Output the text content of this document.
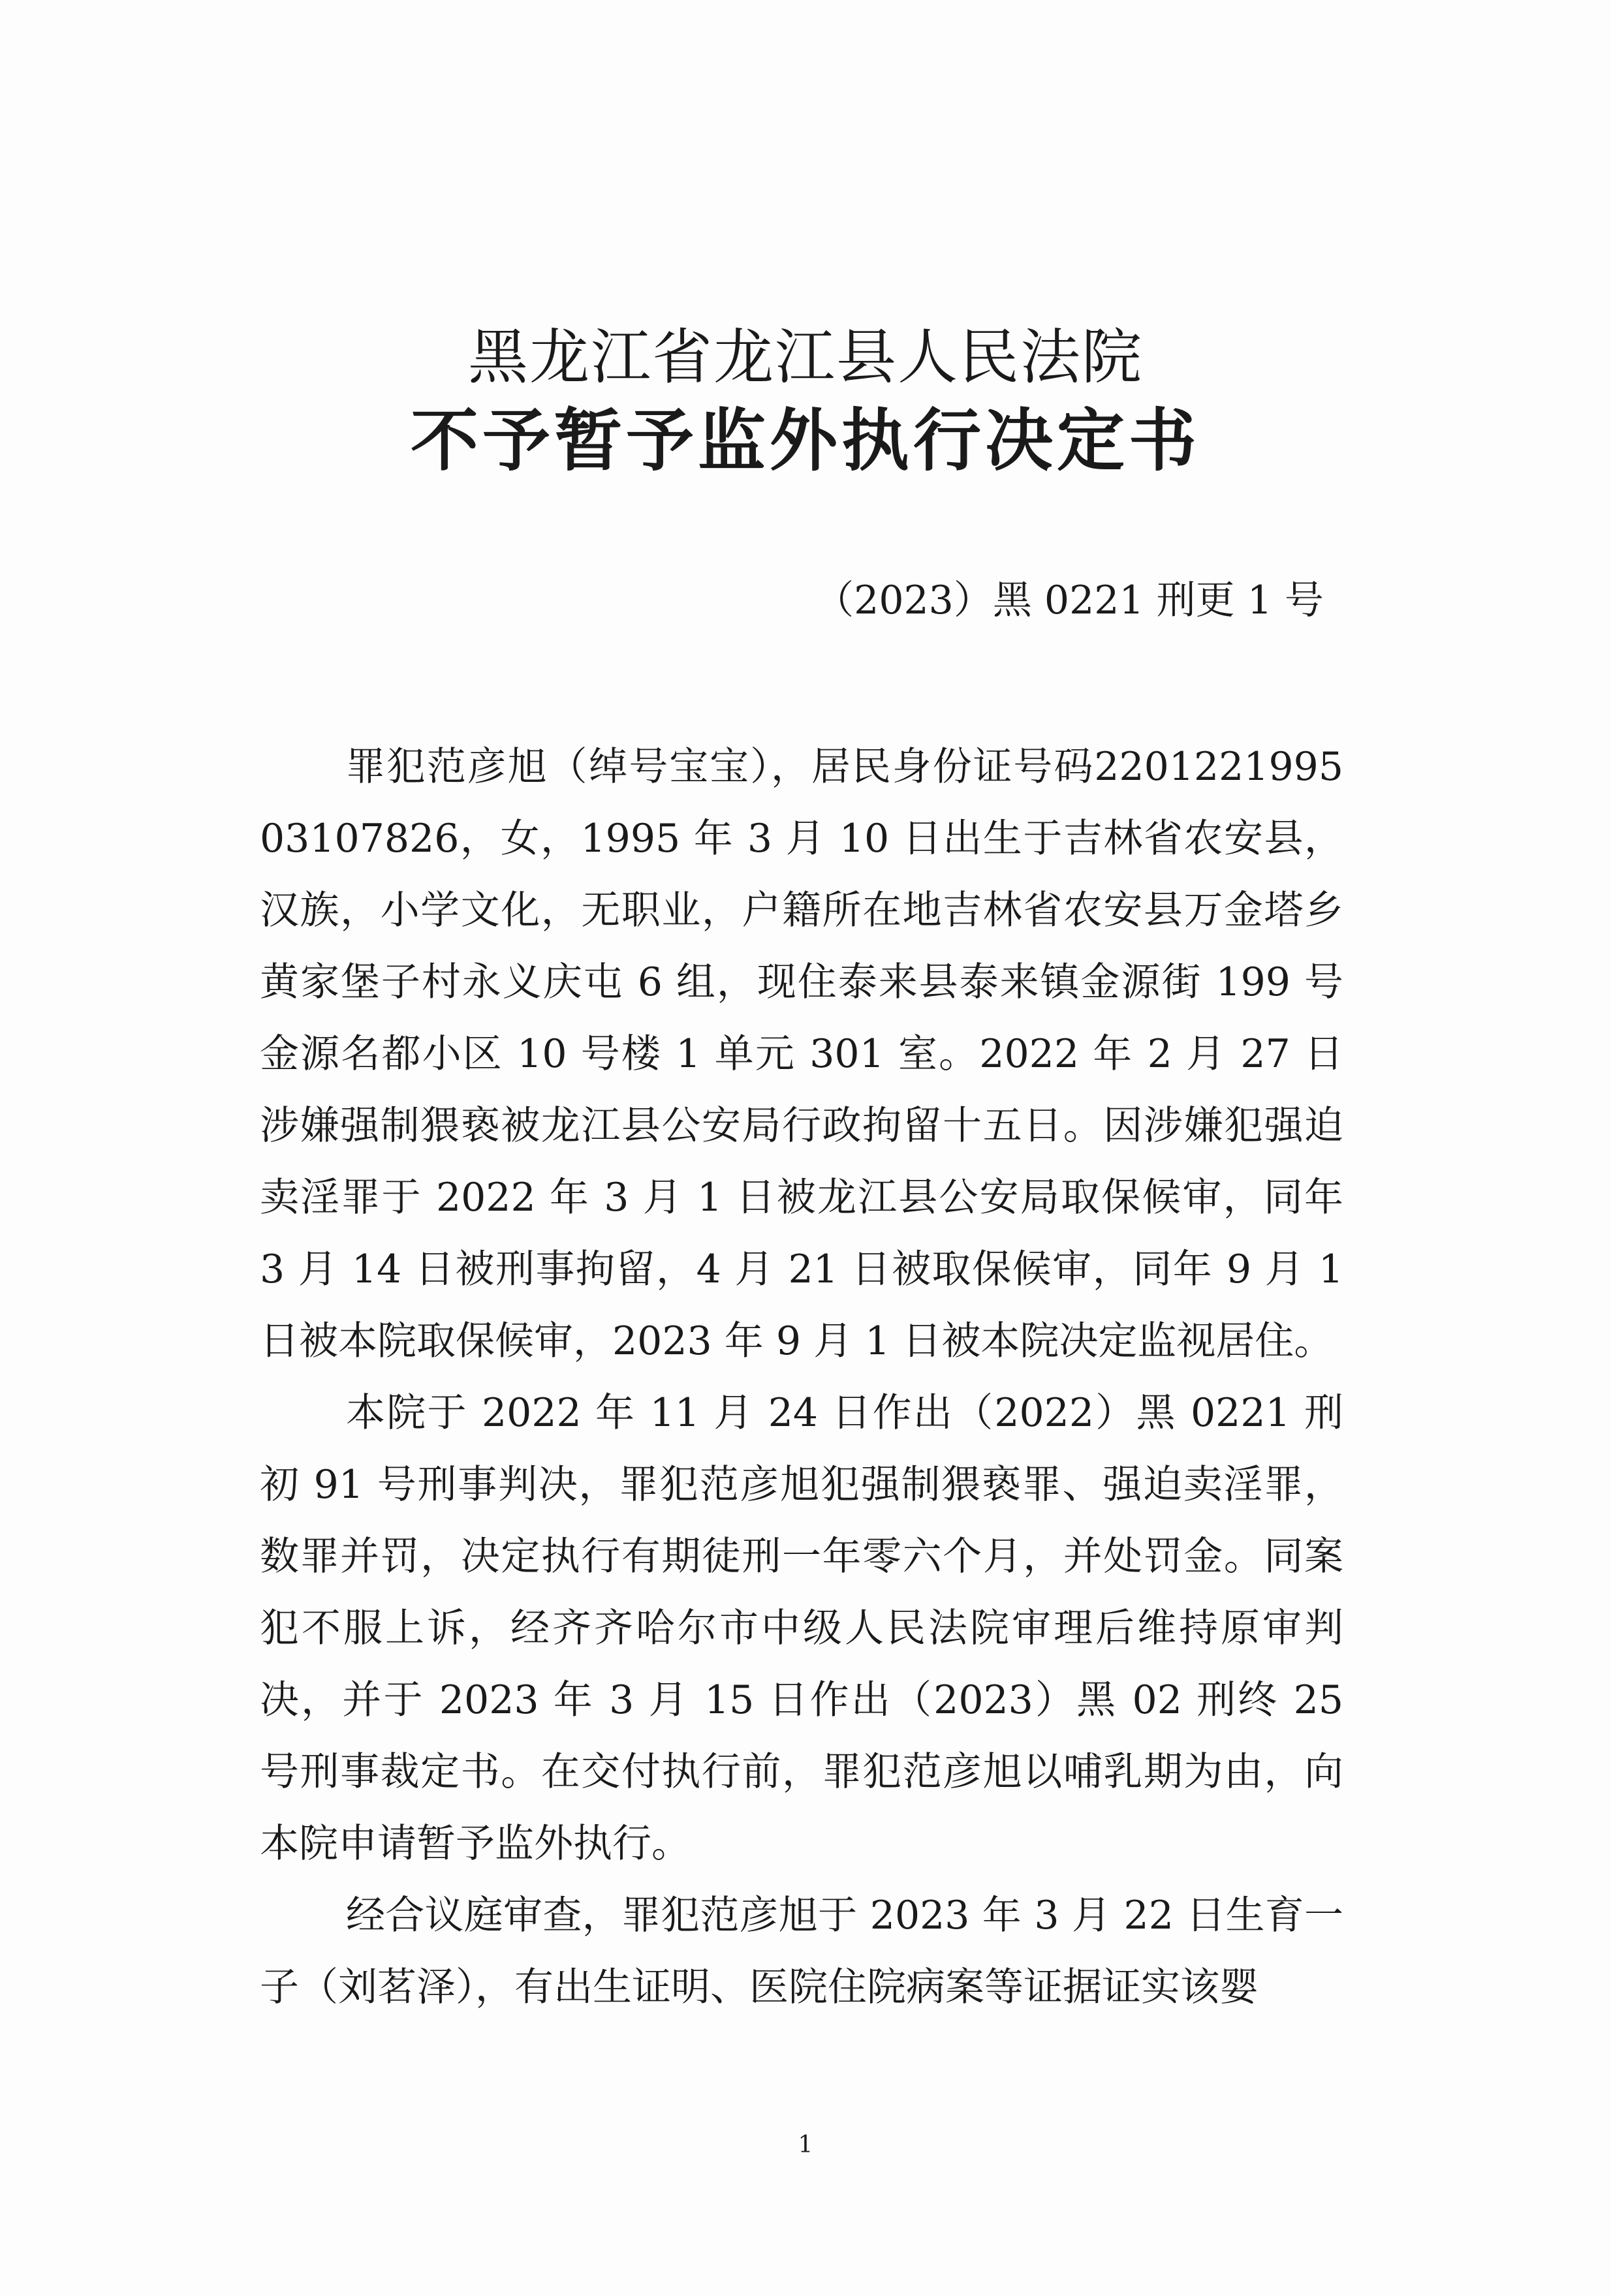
黑龙江省龙江县人民法院
不予暂予监外执行决定书

（2023）黑 0221 刑更 1 号

罪犯范彦旭（绰号宝宝），居民身份证号码220122199503107826，女，1995 年 3 月 10 日出生于吉林省农安县，汉族，小学文化，无职业，户籍所在地吉林省农安县万金塔乡黄家堡子村永义庆屯 6 组，现住泰来县泰来镇金源街 199 号金源名都小区 10 号楼 1 单元 301 室。2022 年 2 月 27 日涉嫌强制猥亵被龙江县公安局行政拘留十五日。因涉嫌犯强迫卖淫罪于 2022 年 3 月 1 日被龙江县公安局取保候审，同年 3 月 14 日被刑事拘留，4 月 21 日被取保候审，同年 9 月 1 日被本院取保候审，2023 年 9 月 1 日被本院决定监视居住。

本院于 2022 年 11 月 24 日作出（2022）黑 0221 刑初 91 号刑事判决，罪犯范彦旭犯强制猥亵罪、强迫卖淫罪，数罪并罚，决定执行有期徒刑一年零六个月，并处罚金。同案犯不服上诉，经齐齐哈尔市中级人民法院审理后维持原审判决，并于 2023 年 3 月 15 日作出（2023）黑 02 刑终 25 号刑事裁定书。在交付执行前，罪犯范彦旭以哺乳期为由，向本院申请暂予监外执行。

经合议庭审查，罪犯范彦旭于 2023 年 3 月 22 日生育一子（刘茗泽），有出生证明、医院住院病案等证据证实该婴

1
